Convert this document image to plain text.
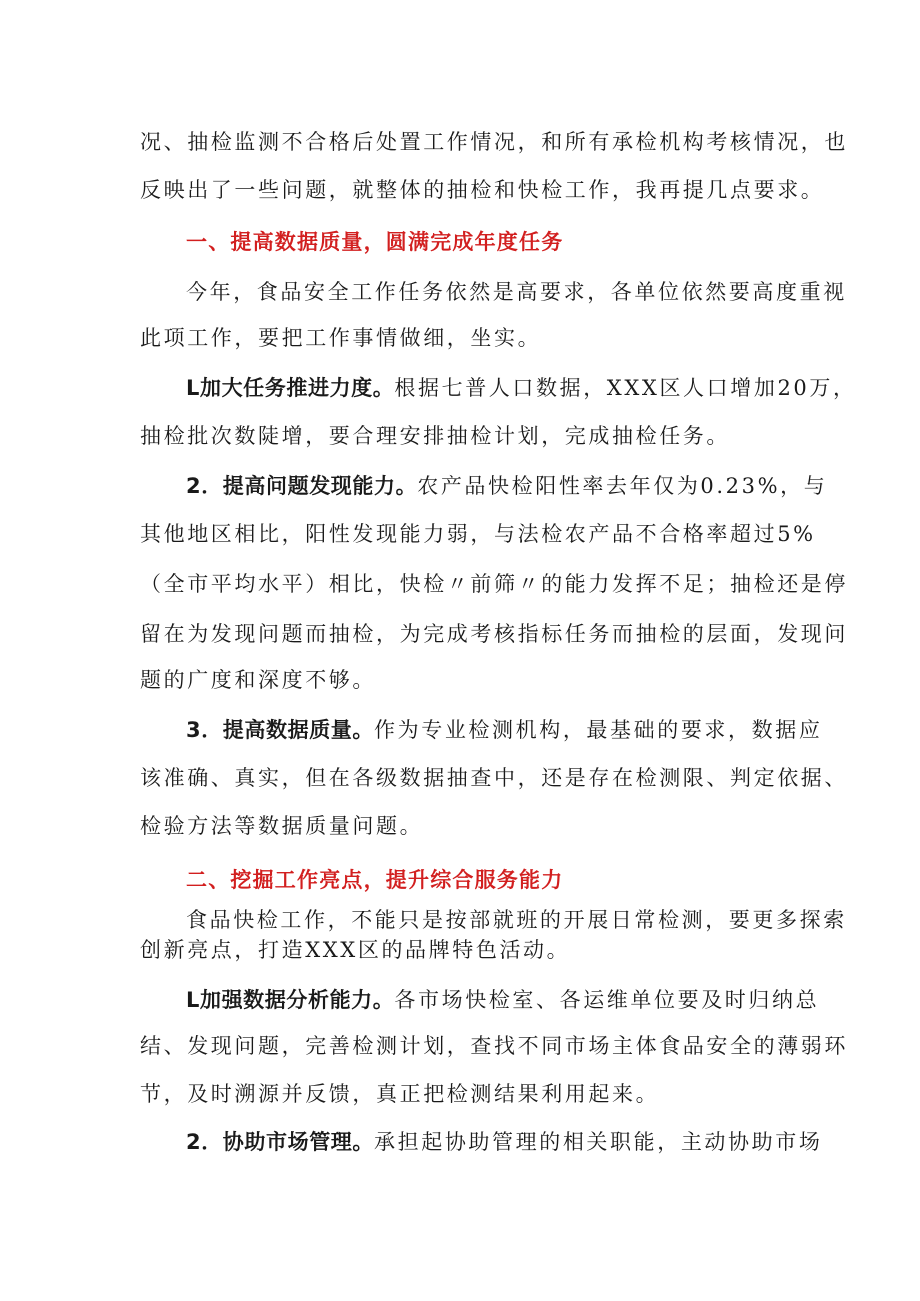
况、抽检监测不合格后处置工作情况，和所有承检机构考核情况，也
反映出了一些问题，就整体的抽检和快检工作，我再提几点要求。
一、提高数据质量，圆满完成年度任务
今年，食品安全工作任务依然是高要求，各单位依然要高度重视
此项工作，要把工作事情做细，坐实。
L加大任务推进力度。根据七普人口数据，XXX区人口增加20万，
抽检批次数陡增，要合理安排抽检计划，完成抽检任务。
2．提高问题发现能力。农产品快检阳性率去年仅为0.23%，与
其他地区相比，阳性发现能力弱，与法检农产品不合格率超过5%
（全市平均水平）相比，快检〃前筛〃的能力发挥不足；抽检还是停
留在为发现问题而抽检，为完成考核指标任务而抽检的层面，发现问
题的广度和深度不够。
3．提高数据质量。作为专业检测机构，最基础的要求，数据应
该准确、真实，但在各级数据抽查中，还是存在检测限、判定依据、
检验方法等数据质量问题。
二、挖掘工作亮点，提升综合服务能力
食品快检工作，不能只是按部就班的开展日常检测，要更多探索
创新亮点，打造XXX区的品牌特色活动。
L加强数据分析能力。各市场快检室、各运维单位要及时归纳总
结、发现问题，完善检测计划，查找不同市场主体食品安全的薄弱环
节，及时溯源并反馈，真正把检测结果利用起来。
2．协助市场管理。承担起协助管理的相关职能，主动协助市场
